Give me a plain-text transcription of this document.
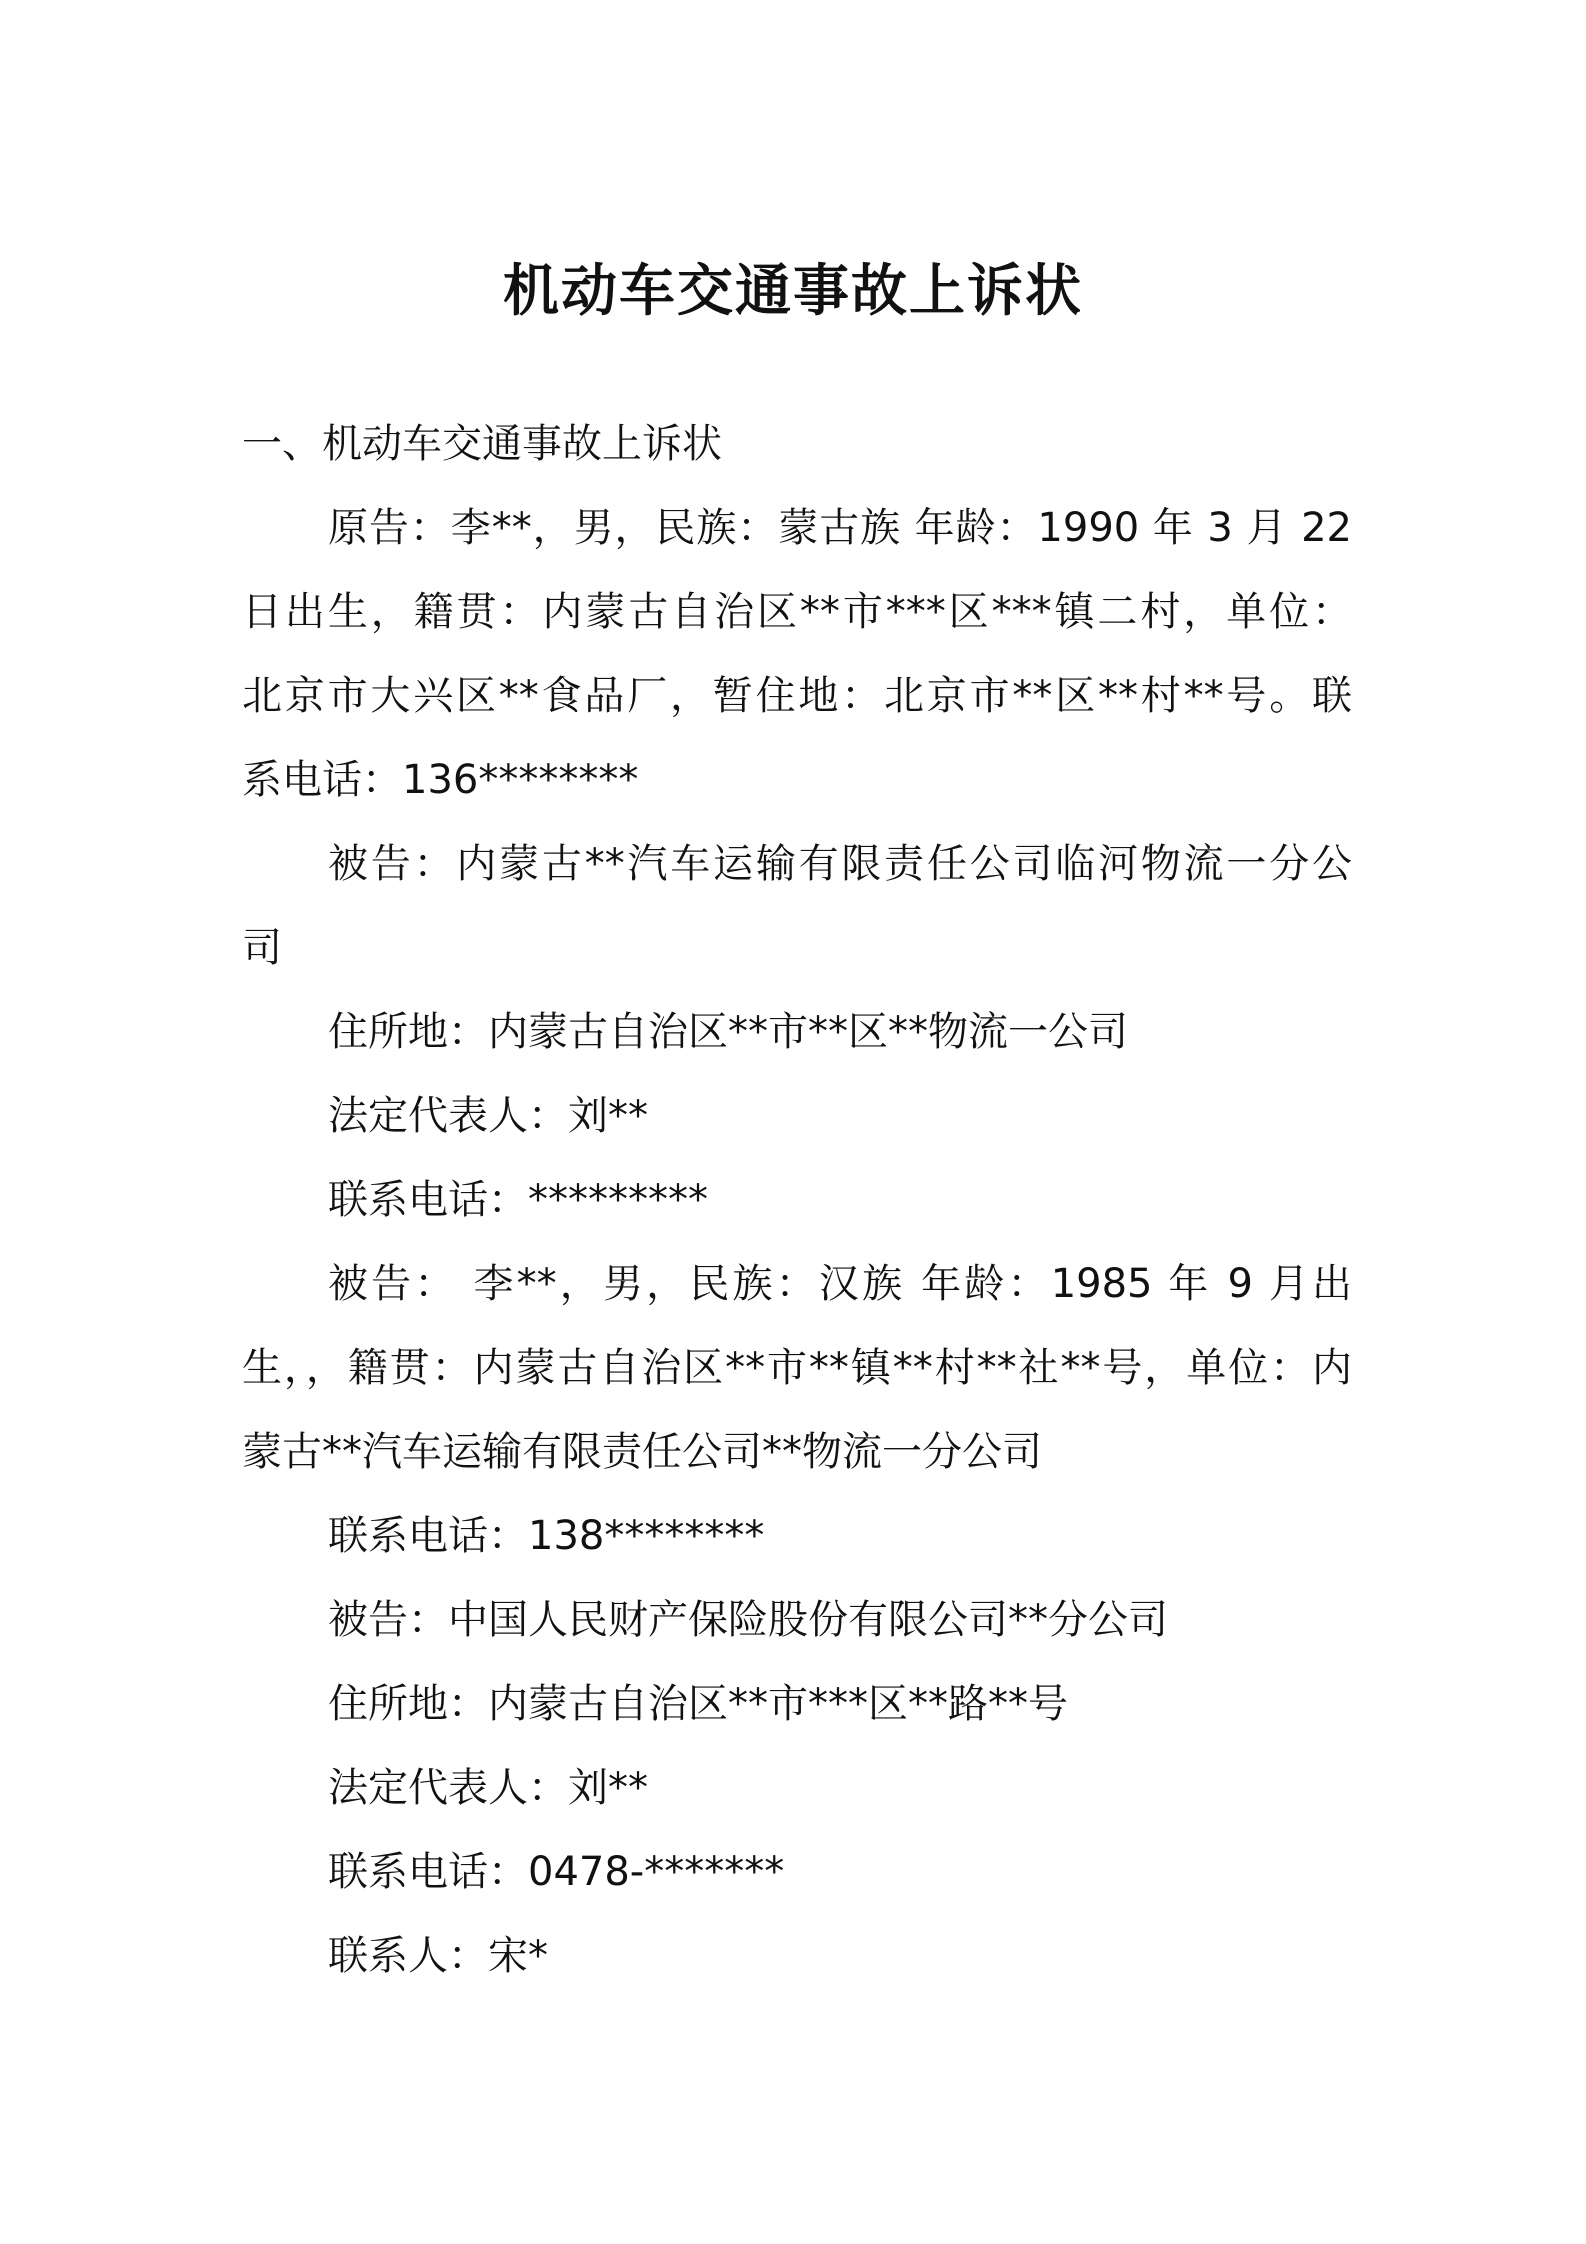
机动车交通事故上诉状
一、机动车交通事故上诉状
原告：李**，男，民族：蒙古族 年龄：1990 年 3 月 22
日出生，籍贯：内蒙古自治区**市***区***镇二村，单位：
北京市大兴区**食品厂，暂住地：北京市**区**村**号。联
系电话：136********
被告：内蒙古**汽车运输有限责任公司临河物流一分公
司
住所地：内蒙古自治区**市**区**物流一公司
法定代表人：刘**
联系电话：*********
被告： 李**，男，民族：汉族 年龄：1985 年 9 月出
生，，籍贯：内蒙古自治区**市**镇**村**社**号，单位：内
蒙古**汽车运输有限责任公司**物流一分公司
联系电话：138********
被告：中国人民财产保险股份有限公司**分公司
住所地：内蒙古自治区**市***区**路**号
法定代表人：刘**
联系电话：0478-*******
联系人：宋*
